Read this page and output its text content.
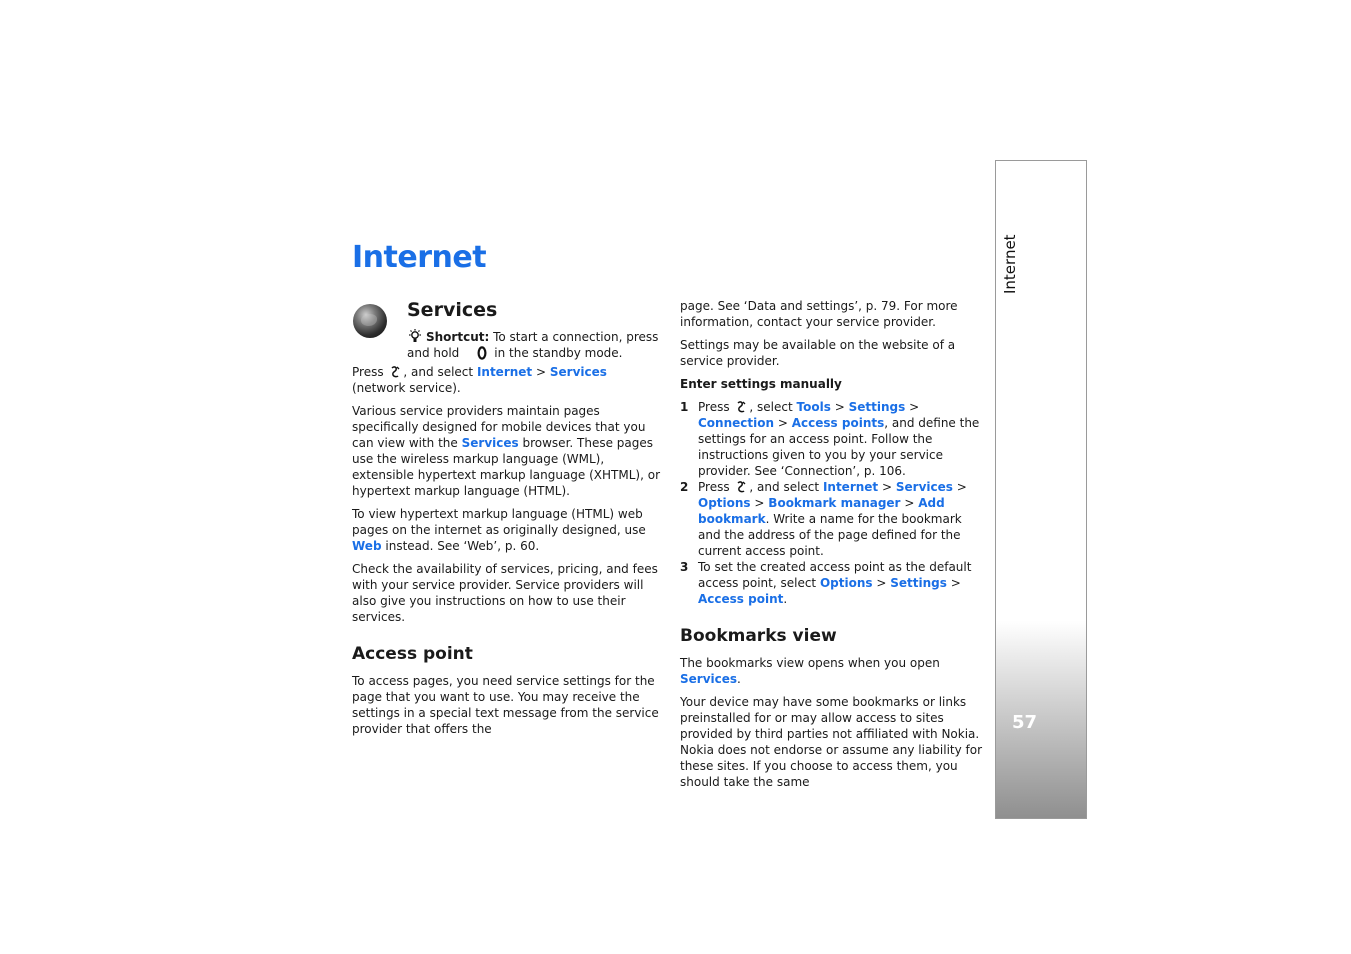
Internet
Services
Shortcut: To start a connection, press and hold	in the standby mode.

Press , and select Internet > Services (network service).

Various service providers maintain pages specifically designed for mobile devices that you can view with the Services browser. These pages use the wireless markup language (WML), extensible hypertext markup language (XHTML), or hypertext markup language (HTML).

To view hypertext markup language (HTML) web pages on the internet as originally designed, use Web instead. See ‘Web’, p. 60.

Check the availability of services, pricing, and fees with your service provider. Service providers will also give you instructions on how to use their services.

Access point

To access pages, you need service settings for the page that you want to use. You may receive the settings in a special text message from the service provider that offers the

page. See ‘Data and settings’, p. 79. For more information, contact your service provider.

Settings may be available on the website of a service provider.

Enter settings manually

1 Press , select Tools > Settings > Connection > Access points, and define the settings for an access point. Follow the instructions given to you by your service provider. See ‘Connection’, p. 106.
2 Press , and select Internet > Services > Options > Bookmark manager > Add bookmark. Write a name for the bookmark and the address of the page defined for the current access point.
3 To set the created access point as the default access point, select Options > Settings > Access point.
Bookmarks view

The bookmarks view opens when you open Services.

Your device may have some bookmarks or links preinstalled for or may allow access to sites provided by third parties not affiliated with Nokia. Nokia does not endorse or assume any liability for these sites. If you choose to access them, you should take the same

Internet
57
